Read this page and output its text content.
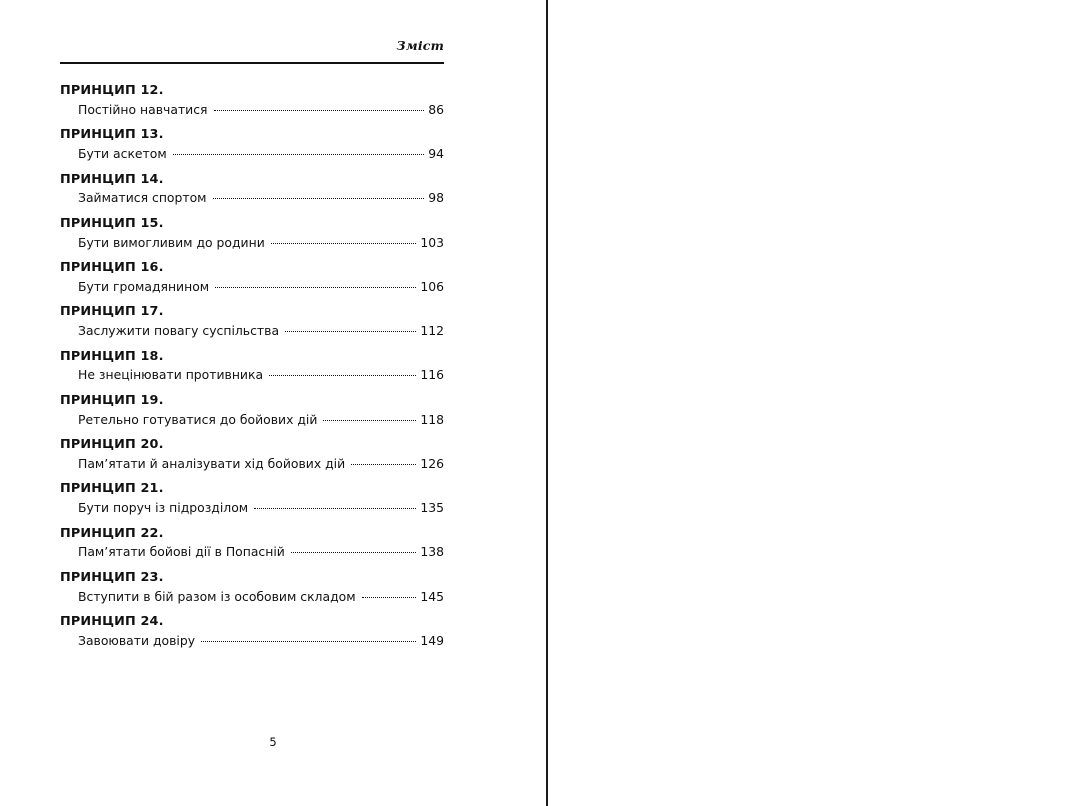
Зміст
ПРИНЦИП 12.
Постійно навчатися	86
ПРИНЦИП 13.
Бути аскетом	94
ПРИНЦИП 14.
Займатися спортом	98
ПРИНЦИП 15.
Бути вимогливим до родини	103
ПРИНЦИП 16.
Бути громадянином	106
ПРИНЦИП 17.
Заслужити повагу суспільства	112
ПРИНЦИП 18.
Не знецінювати противника	116
ПРИНЦИП 19.
Ретельно готуватися до бойових дій	118
ПРИНЦИП 20.
Пам’ятати й аналізувати хід бойових дій	126
ПРИНЦИП 21.
Бути поруч із підрозділом	135
ПРИНЦИП 22.
Пам’ятати бойові дії в Попасній	138
ПРИНЦИП 23.
Вступити в бій разом із особовим складом	145
ПРИНЦИП 24.
Завоювати довіру	149
5
